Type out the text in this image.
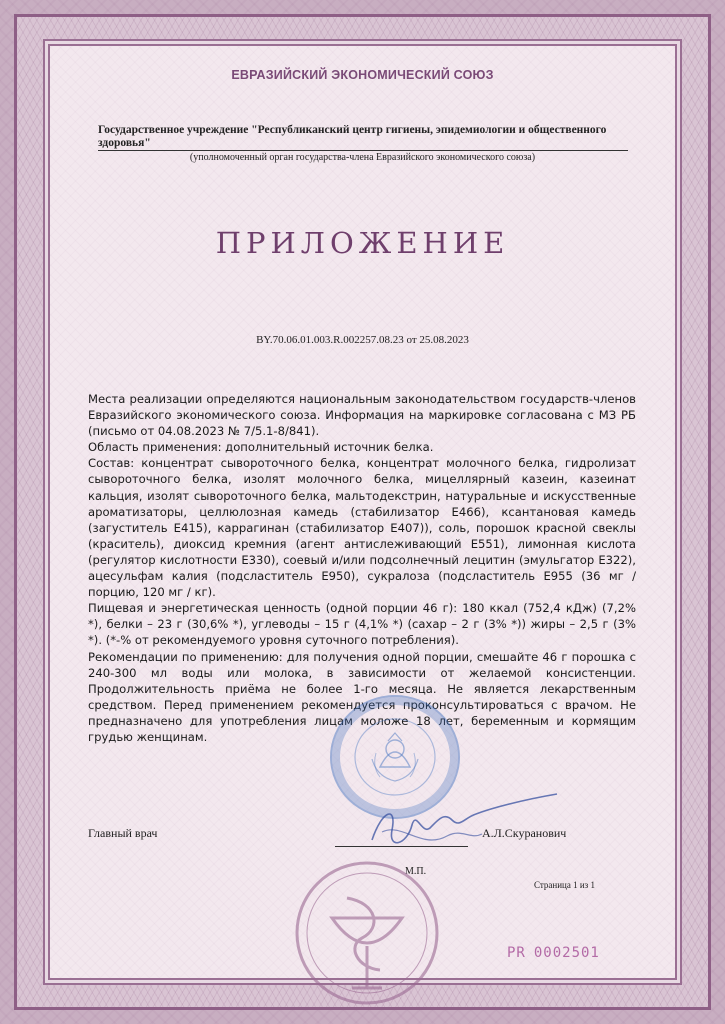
ЕВРАЗИЙСКИЙ ЭКОНОМИЧЕСКИЙ СОЮЗ
Государственное учреждение "Республиканский центр гигиены, эпидемиологии и общественного здоровья"
(уполномоченный орган государства-члена Евразийского экономического союза)
ПРИЛОЖЕНИЕ
BY.70.06.01.003.R.002257.08.23 от 25.08.2023

Места реализации определяются национальным законодательством государств-членов Евразийского экономического союза. Информация на маркировке согласована с МЗ РБ (письмо от 04.08.2023 № 7/5.1-8/841).

Область применения: дополнительный источник белка.

Состав: концентрат сывороточного белка, концентрат молочного белка, гидролизат сывороточного белка, изолят молочного белка, мицеллярный казеин, казеинат кальция, изолят сывороточного белка, мальтодекстрин, натуральные и искусственные ароматизаторы, целлюлозная камедь (стабилизатор Е466), ксантановая камедь (загуститель Е415), каррагинан (стабилизатор Е407)), соль, порошок красной свеклы (краситель), диоксид кремния (агент антислеживающий Е551), лимонная кислота (регулятор кислотности Е330), соевый и/или подсолнечный лецитин (эмульгатор Е322), ацесульфам калия (подсластитель Е950), сукралоза (подсластитель Е955 (36 мг / порцию, 120 мг / кг).

Пищевая и энергетическая ценность (одной порции 46 г): 180 ккал (752,4 кДж) (7,2% *), белки – 23 г (30,6% *), углеводы – 15 г (4,1% *) (сахар – 2 г (3% *)) жиры – 2,5 г (3% *). (*-% от рекомендуемого уровня суточного потребления).

Рекомендации по применению: для получения одной порции, смешайте 46 г порошка с 240-300 мл воды или молока, в зависимости от желаемой консистенции. Продолжительность приёма не более 1-го месяца. Не является лекарственным средством. Перед применением рекомендуется проконсультироваться с врачом. Не предназначено для употребления лицам моложе 18 лет, беременным и кормящим грудью женщинам.

Главный врач	А.Л.Скуранович
М.П.
Страница 1 из 1
PR 0002501
